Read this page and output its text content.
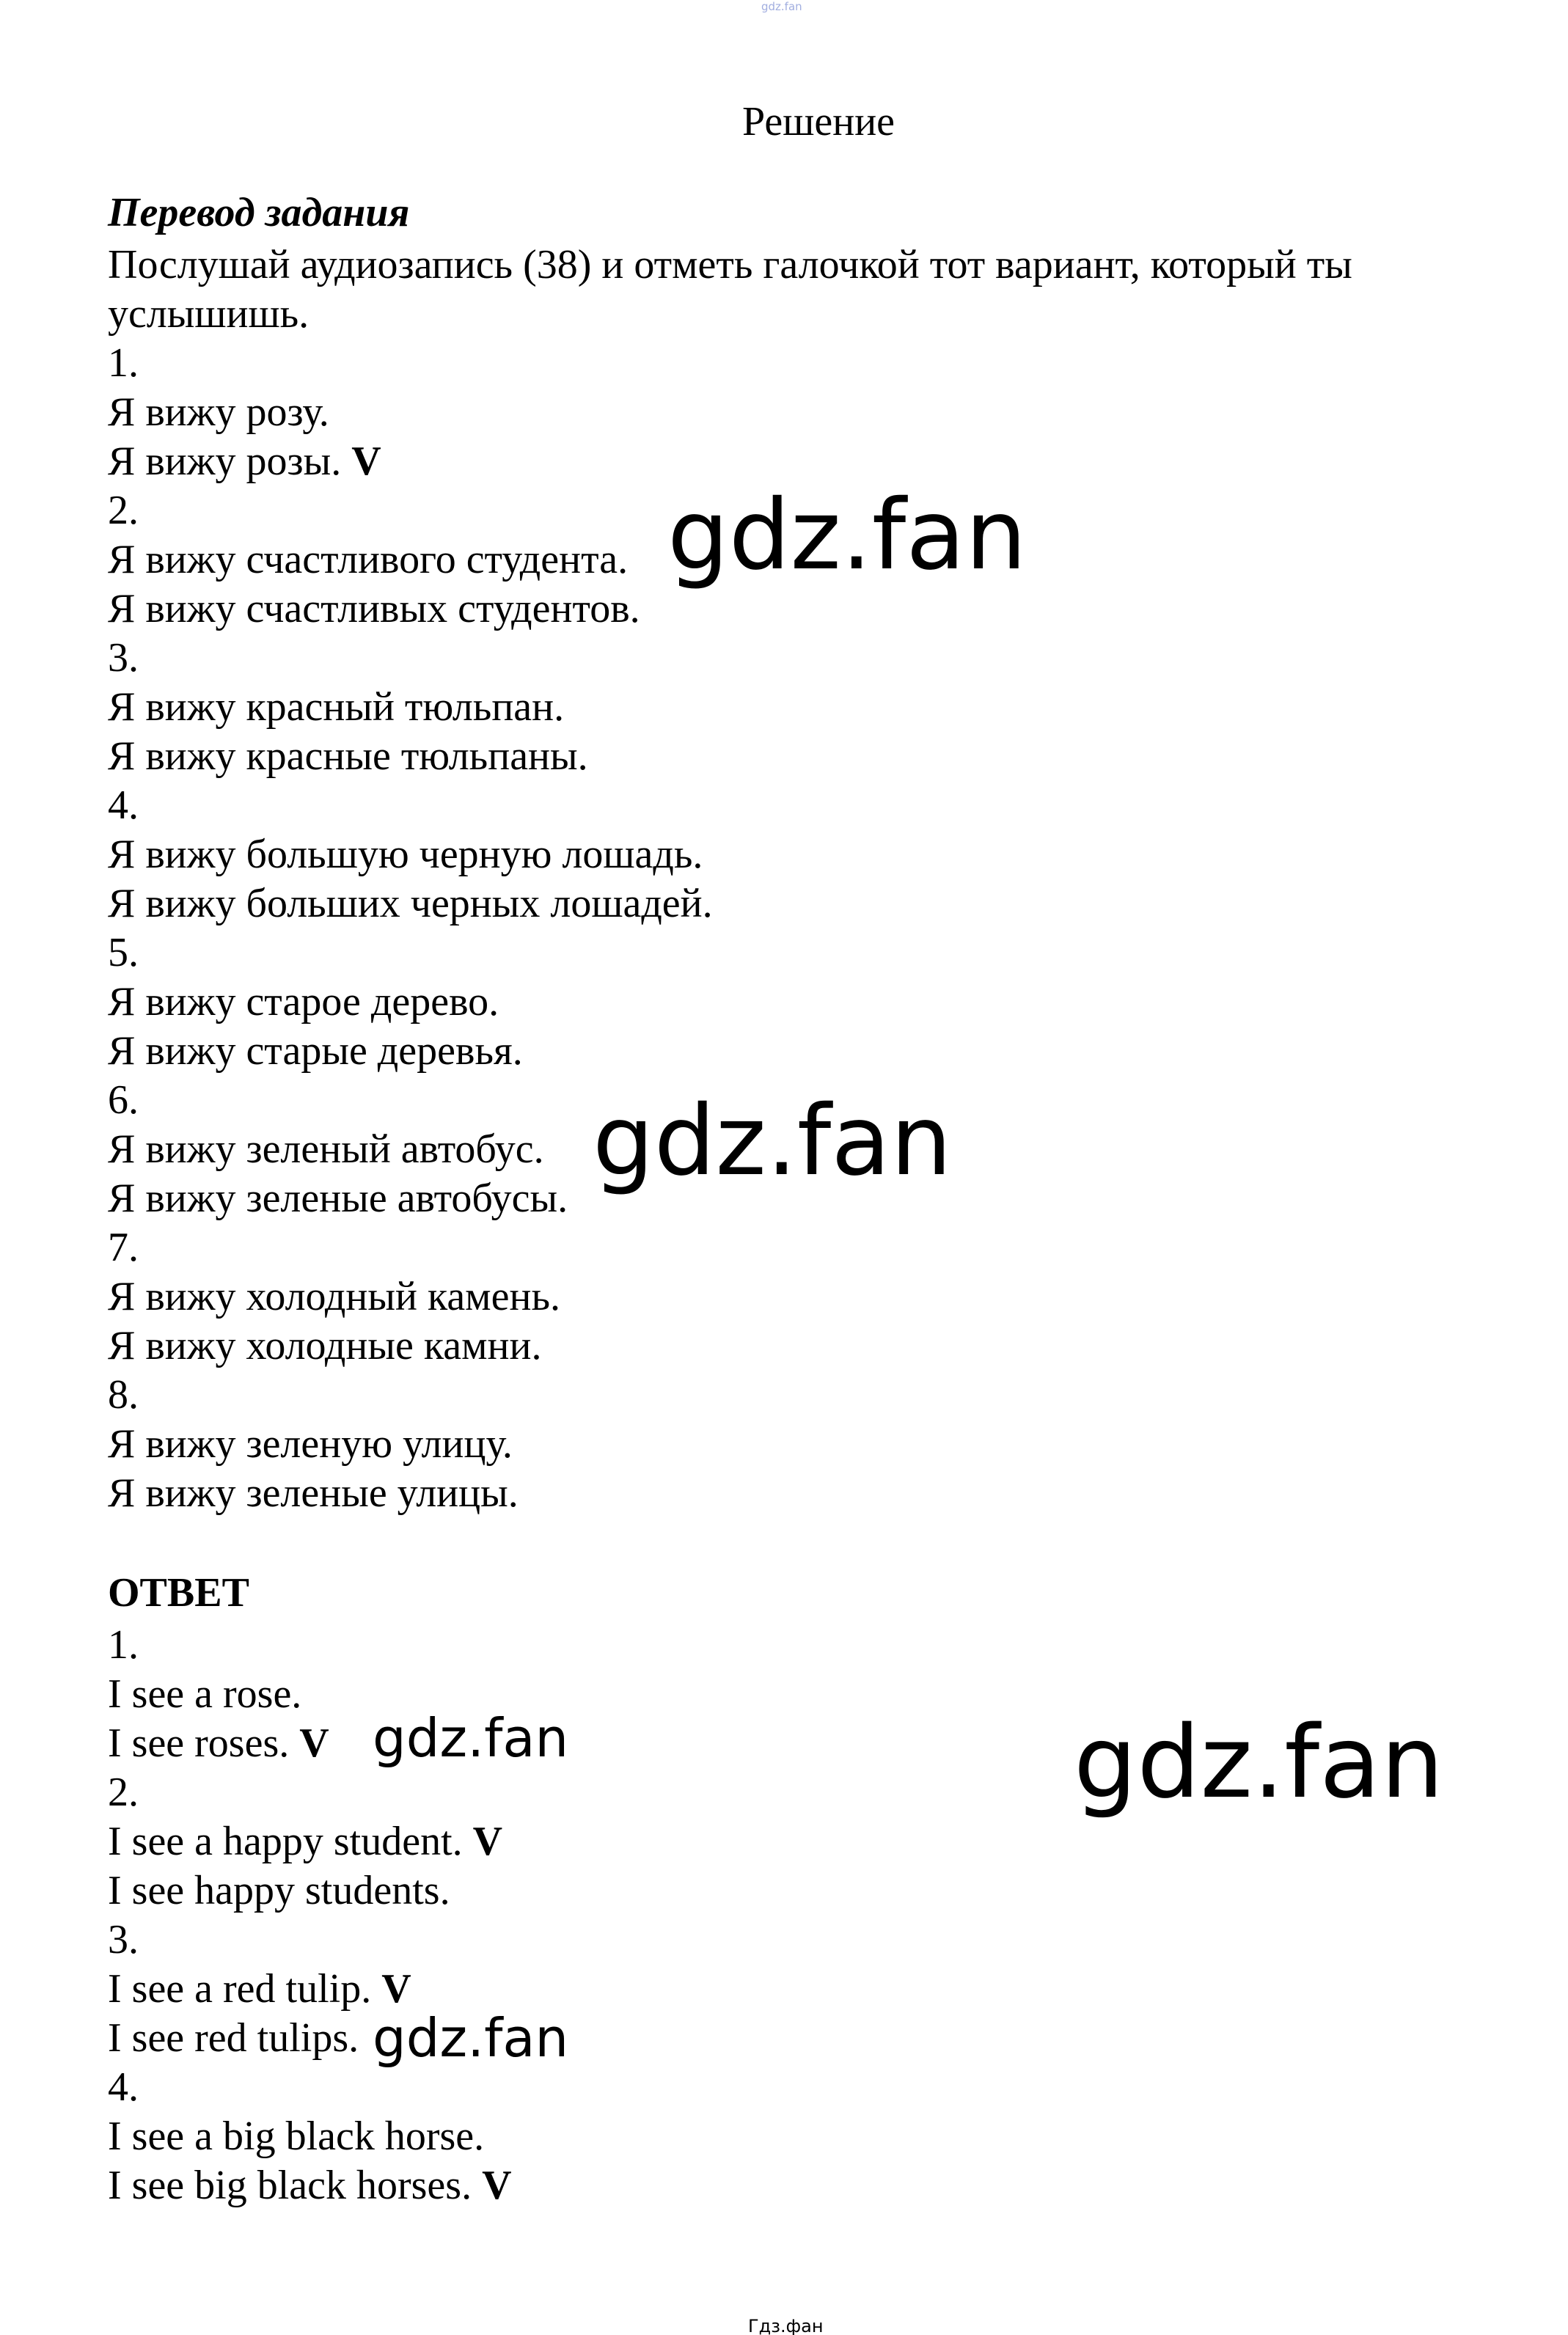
gdz.fan
Решение
Перевод задания
Послушай аудиозапись (38) и отметь галочкой тот вариант, который ты
услышишь.
1.
Я вижу розу.
Я вижу розы. V
2.
Я вижу счастливого студента.
Я вижу счастливых студентов.
3.
Я вижу красный тюльпан.
Я вижу красные тюльпаны.
4.
Я вижу большую черную лошадь.
Я вижу больших черных лошадей.
5.
Я вижу старое дерево.
Я вижу старые деревья.
6.
Я вижу зеленый автобус.
Я вижу зеленые автобусы.
7.
Я вижу холодный камень.
Я вижу холодные камни.
8.
Я вижу зеленую улицу.
Я вижу зеленые улицы.
ОТВЕТ
1.
I see a rose.
I see roses. V
2.
I see a happy student. V
I see happy students.
3.
I see a red tulip. V
I see red tulips.
4.
I see a big black horse.
I see big black horses. V
gdz.fan
gdz.fan
gdz.fan	gdz.fan
gdz.fan
Гдз.фан
